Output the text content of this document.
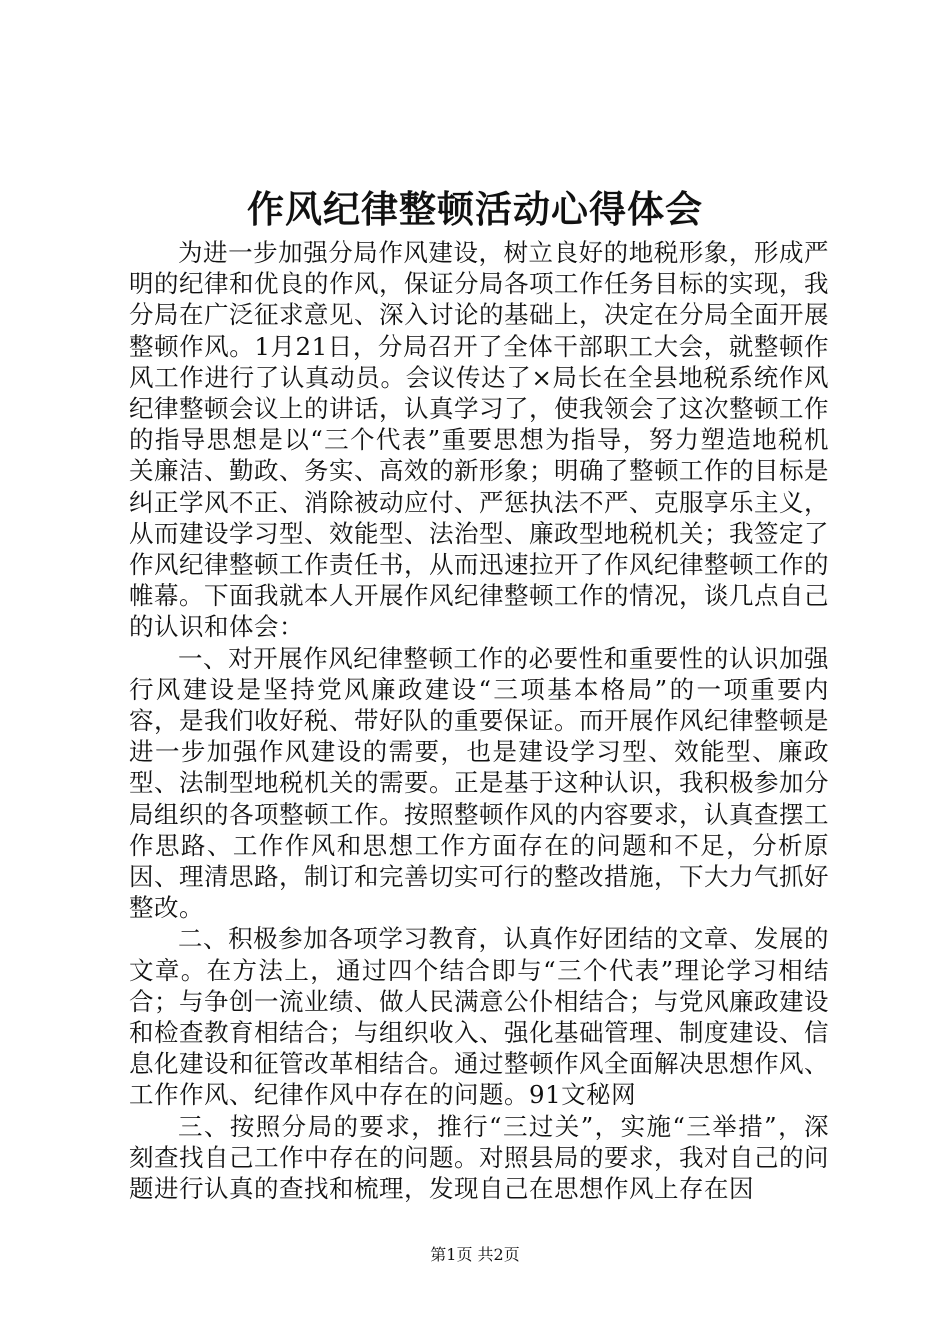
作风纪律整顿活动心得体会

为进一步加强分局作风建设，树立良好的地税形象，形成严明的纪律和优良的作风，保证分局各项工作任务目标的实现，我分局在广泛征求意见、深入讨论的基础上，决定在分局全面开展整顿作风。1月21日，分局召开了全体干部职工大会，就整顿作风工作进行了认真动员。会议传达了×局长在全县地税系统作风纪律整顿会议上的讲话，认真学习了，使我领会了这次整顿工作的指导思想是以“三个代表”重要思想为指导，努力塑造地税机关廉洁、勤政、务实、高效的新形象；明确了整顿工作的目标是纠正学风不正、消除被动应付、严惩执法不严、克服享乐主义，从而建设学习型、效能型、法治型、廉政型地税机关；我签定了作风纪律整顿工作责任书，从而迅速拉开了作风纪律整顿工作的帷幕。下面我就本人开展作风纪律整顿工作的情况，谈几点自己的认识和体会：

一、对开展作风纪律整顿工作的必要性和重要性的认识加强行风建设是坚持党风廉政建设“三项基本格局”的一项重要内容，是我们收好税、带好队的重要保证。而开展作风纪律整顿是进一步加强作风建设的需要，也是建设学习型、效能型、廉政型、法制型地税机关的需要。正是基于这种认识，我积极参加分局组织的各项整顿工作。按照整顿作风的内容要求，认真查摆工作思路、工作作风和思想工作方面存在的问题和不足，分析原因、理清思路，制订和完善切实可行的整改措施，下大力气抓好整改。

二、积极参加各项学习教育，认真作好团结的文章、发展的文章。在方法上，通过四个结合即与“三个代表”理论学习相结合；与争创一流业绩、做人民满意公仆相结合；与党风廉政建设和检查教育相结合；与组织收入、强化基础管理、制度建设、信息化建设和征管改革相结合。通过整顿作风全面解决思想作风、工作作风、纪律作风中存在的问题。91文秘网

三、按照分局的要求，推行“三过关”，实施“三举措”，深刻查找自己工作中存在的问题。对照县局的要求，我对自己的问题进行认真的查找和梳理，发现自己在思想作风上存在因

第1页 共2页
